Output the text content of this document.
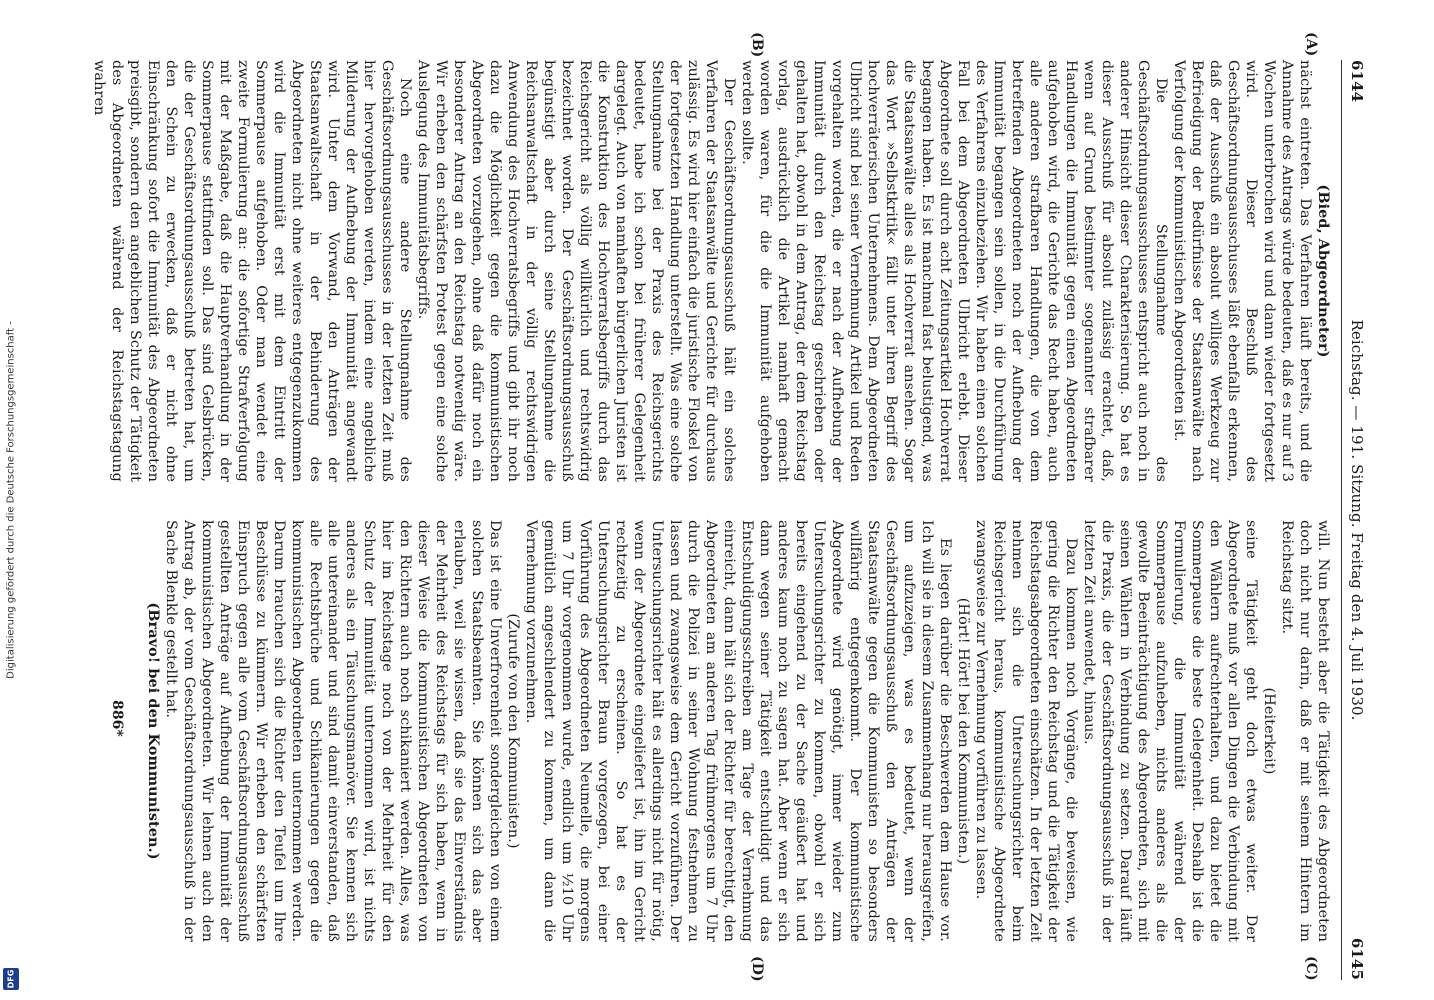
Digitalisierung gefördert durch die Deutsche Forschungsgemeinschaft -
DFG
6144
Reichstag. — 191. Sitzung. Freitag den 4. Juli 1930.
6145

(Bied, Abgeordneter)

nächst eintreten. Das Verfahren läuft bereits, und die Annahme des Antrags würde bedeuten, daß es nur auf 3 Wochen unterbrochen wird und dann wieder fortgesetzt wird. Dieser Beschluß des Geschäftsordnungsausschusses läßt ebenfalls erkennen, daß der Ausschuß ein absolut williges Werkzeug zur Befriedigung der Bedürfnisse der Staatsanwälte nach Verfolgung der kommunistischen Abgeordneten ist.

Die Stellungnahme des Geschäftsordnungsausschusses entspricht auch noch in anderer Hinsicht dieser Charakterisierung. So hat es dieser Ausschuß für absolut zulässig erachtet, daß, wenn auf Grund bestimmter sogenannter strafbarer Handlungen die Immunität gegen einen Abgeordneten aufgehoben wird, die Gerichte das Recht haben, auch alle anderen strafbaren Handlungen, die von dem betreffenden Abgeordneten noch der Aufhebung der Immunität begangen sein sollen, in die Durchführung des Verfahrens einzubeziehen. Wir haben einen solchen Fall bei dem Abgeordneten Ulbricht erlebt. Dieser Abgeordnete soll durch acht Zeitungsartikel Hochverrat begangen haben. Es ist manchmal fast belustigend, was die Staatsanwälte alles als Hochverrat ansehen. Sogar das Wort »Selbstkritik« fällt unter ihren Begriff des hochverräterischen Unternehmens. Dem Abgeordneten Ulbricht sind bei seiner Vernehmung Artikel und Reden vorgehalten worden, die er nach der Aufhebung der Immunität durch den Reichstag geschrieben oder gehalten hat, obwohl in dem Antrag, der dem Reichstag vorlag, ausdrücklich die Artikel namhaft gemacht worden waren, für die die Immunität aufgehoben werden sollte.

Der Geschäftsordnungsausschuß hält ein solches Verfahren der Staatsanwälte und Gerichte für durchaus zulässig. Es wird hier einfach die juristische Floskel von der fortgesetzten Handlung unterstellt. Was eine solche Stellungnahme bei der Praxis des Reichsgerichts bedeutet, habe ich schon bei früherer Gelegenheit dargelegt. Auch von namhaften bürgerlichen Juristen ist die Konstruktion des Hochverratsbegriffs durch das Reichsgericht als völlig willkürlich und rechtswidrig bezeichnet worden. Der Geschäftsordnungsausschuß begünstigt aber durch seine Stellungnahme die Reichsanwaltschaft in der völlig rechtswidrigen Anwendung des Hochverratsbegriffs und gibt ihr noch dazu die Möglichkeit gegen die kommunistischen Abgeordneten vorzugehen, ohne daß dafür noch ein besonderer Antrag an den Reichstag notwendig wäre. Wir erheben den schärfsten Protest gegen eine solche Auslegung des Immunitätsbegriffs.

Noch eine andere Stellungnahme des Geschäftsordnungsausschusses in der letzten Zeit muß hier hervorgehoben werden, indem eine angebliche Milderung der Aufhebung der Immunität angewandt wird. Unter dem Vorwand, den Anträgen der Staatsanwaltschaft in der Behinderung des Abgeordneten nicht ohne weiteres entgegenzukommen wird die Immunität erst mit dem Eintritt der Sommerpause aufgehoben. Oder man wendet eine zweite Formulierung an: die sofortige Strafverfolgung mit der Maßgabe, daß die Hauptverhandlung in der Sommerpause stattfinden soll. Das sind Gelsbrücken, die der Geschäftsordnungsausschuß betreten hat, um den Schein zu erwecken, daß er nicht ohne Einschränkung sofort die Immunität des Abgeordneten preisgibt, sondern den angeblichen Schutz der Tätigkeit des Abgeordneten während der Reichstagstagung wahren

will. Nun besteht aber die Tätigkeit des Abgeordneten doch nicht nur darin, daß er mit seinem Hintern im Reichstag sitzt.

(Heiterkeit)

seine Tätigkeit geht doch etwas weiter. Der Abgeordnete muß vor allen Dingen die Verbindung mit den Wählern aufrechterhalten, und dazu bietet die Sommerpause die beste Gelegenheit. Deshalb ist die Formulierung, die Immunität während der Sommerpause aufzuheben, nichts anderes als die gewollte Beeinträchtigung des Abgeordneten, sich mit seinen Wählern in Verbindung zu setzen. Darauf läuft die Praxis, die der Geschäftsordnungsausschuß in der letzten Zeit anwendet, hinaus.

Dazu kommen noch Vorgänge, die beweisen, wie gering die Richter den Reichstag und die Tätigkeit der Reichstagsabgeordneten einschätzen. In der letzten Zeit nehmen sich die Untersuchungsrichter beim Reichsgericht heraus, kommunistische Abgeordnete zwangsweise zur Vernehmung vorführen zu lassen.

(Hört! Hört! bei den Kommunisten.)

Es liegen darüber die Beschwerden dem Hause vor. Ich will sie in diesem Zusammenhang nur herausgreifen, um aufzuzeigen, was es bedeutet, wenn der Geschäftsordnungsausschuß den Anträgen der Staatsanwälte gegen die Kommunisten so besonders willfährig entgegenkommt. Der kommunistische Abgeordnete wird genötigt, immer wieder zum Untersuchungsrichter zu kommen, obwohl er sich bereits eingehend zu der Sache geäußert hat und anderes kaum noch zu sagen hat. Aber wenn er sich dann wegen seiner Tätigkeit entschuldigt und das Entschuldigungsschreiben am Tage der Vernehmung einreicht, dann hält sich der Richter für berechtigt, den Abgeordneten am anderen Tag frühmorgens um 7 Uhr durch die Polizei in seiner Wohnung festnehmen zu lassen und zwangsweise dem Gericht vorzuführen. Der Untersuchungsrichter hält es allerdings nicht für nötig, wenn der Abgeordnete eingeliefert ist, ihn im Gericht rechtzeitig zu erscheinen. So hat es der Untersuchungsrichter Braun vorgezogen, bei einer Vorführung des Abgeordneten Neumelle, die morgens um 7 Uhr vorgenommen wurde, endlich um ½10 Uhr gemütlich angeschlendert zu kommen, um dann die Vernehmung vorzunehmen.

(Zurufe von den Kommunisten.)

Das ist eine Unverfrorenheit sondergleichen von einem solchen Staatsbeamten. Sie können sich das aber erlauben, weil sie wissen, daß sie das Einverständnis der Mehrheit des Reichstags für sich haben, wenn in dieser Weise die kommunistischen Abgeordneten von den Richtern auch noch schikaniert werden. Alles, was hier im Reichstage noch von der Mehrheit für den Schutz der Immunität unternommen wird, ist nichts anderes als ein Täuschungsmanöver. Sie kennen sich alle untereinander und sind damit einverstanden, daß alle Rechtsbrüche und Schikanierungen gegen die kommunistischen Abgeordneten unternommen werden. Darum brauchen sich die Richter den Teufel um Ihre Beschlüsse zu kümmern. Wir erheben den schärfsten Einspruch gegen alle vom Geschäftsordnungsausschuß gestellten Anträge auf Aufhebung der Immunität der kommunistischen Abgeordneten. Wir lehnen auch den Antrag ab, der vom Geschäftsordnungsausschuß in der Sache Blenkle gestellt hat.

(Bravo! bei den Kommunisten.)

(A)
(B)
(C)
(D)
886*
